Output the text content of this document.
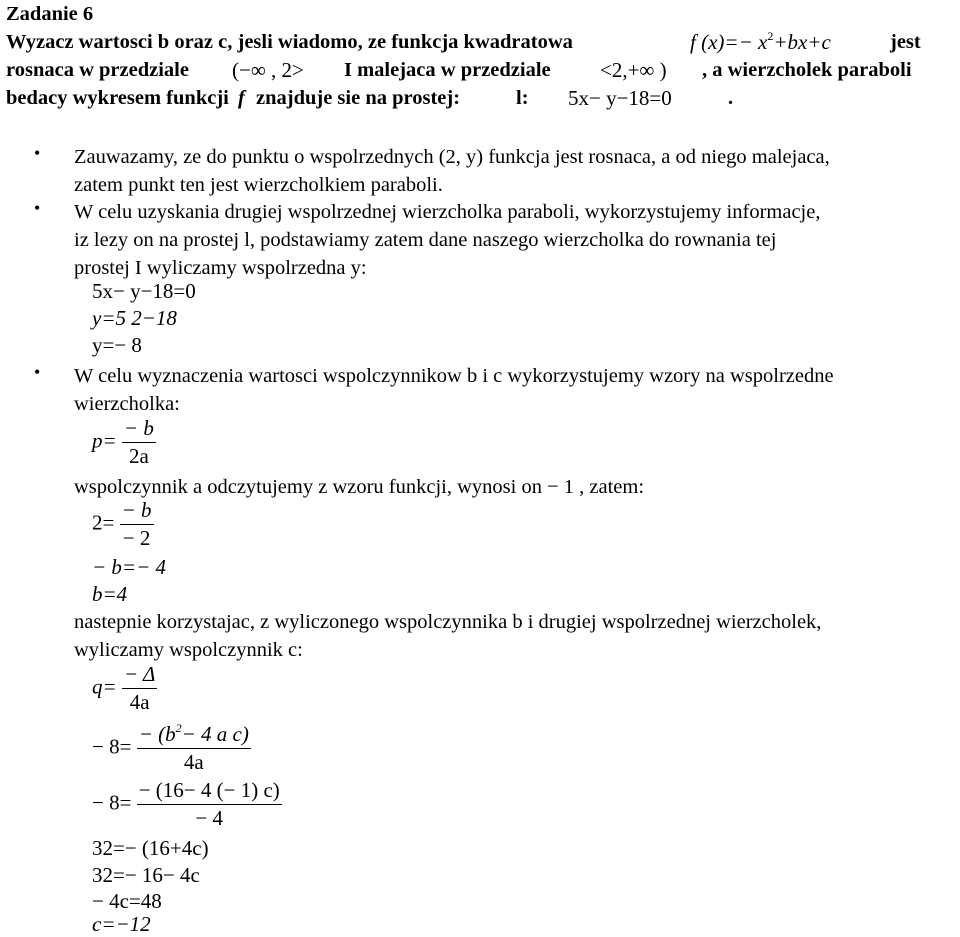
Zadanie 6
Wyzacz wartosci b oraz c, jesli wiadomo, ze funkcja kwadratowa	f $(x)=- x^2+bx+c$	jest
rosnaca w przedziale (−∞ , 2> I malejaca w przedziale <2,+∞ ) , a wierzcholek paraboli
bedacy wykresem funkcji f znajduje sie na prostej:	l: 5x− y−18=0	.
• Zauwazamy, ze do punktu o wspolrzednych (2, y) funkcja jest rosnaca, a od niego malejaca,
zatem punkt ten jest wierzcholkiem paraboli.
• W celu uzyskania drugiej wspolrzednej wierzcholka paraboli, wykorzystujemy informacje,
iz lezy on na prostej l, podstawiamy zatem dane naszego wierzcholka do rownania tej
prostej I wyliczamy wspolrzedna y:
5x− y−18=0
y=5 2−18
y=− 8
• W celu wyznaczenia wartosci wspolczynnikow b i c wykorzystujemy wzory na wspolrzedne
wierzcholka:
$p= \frac{- b}{2a}$
wspolczynnik a odczytujemy z wzoru funkcji, wynosi on − 1 , zatem:
$2= \frac{- b}{- 2}$
− b=− 4
b=4
nastepnie korzystajac, z wyliczonego wspolczynnika b i drugiej wspolrzednej wierzcholek,
wyliczamy wspolczynnik c:
$q= \frac{- \Delta}{4a}$
− $8= \frac{- (b^2- 4 a c)}{4a}$
− $8= \frac{- (16- 4 (- 1) c)}{- 4}$
32=− (16+4c)
32=− 16− 4c
− 4c=48
c=−12
